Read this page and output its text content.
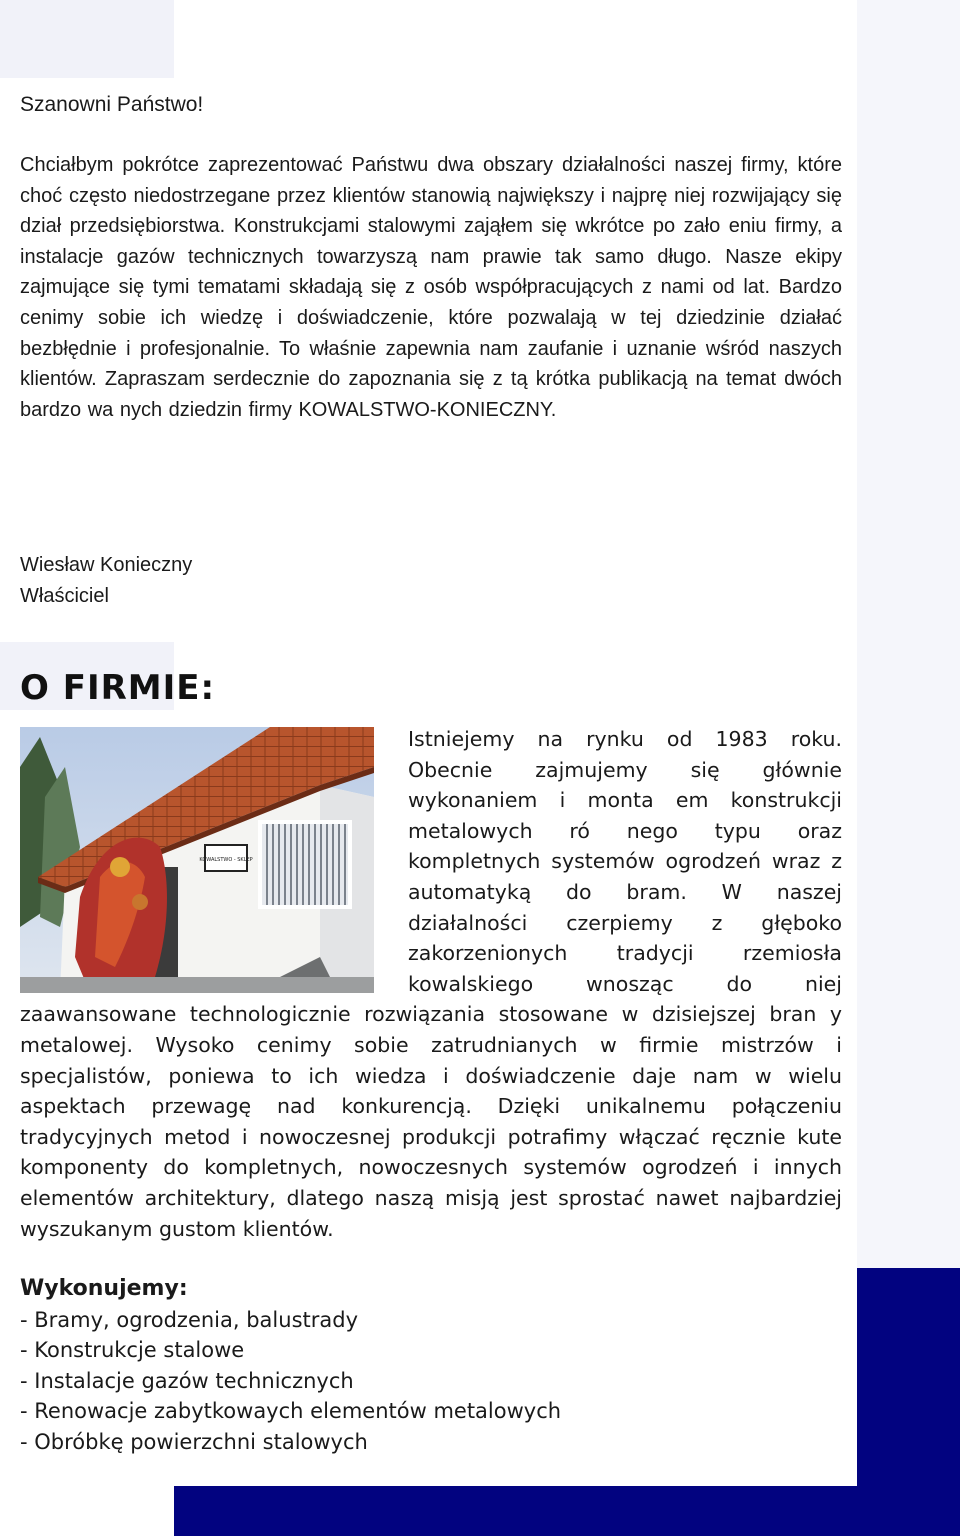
Szanowni Państwo!

Chciałbym pokrótce zaprezentować Państwu dwa obszary działalności naszej firmy, które choć często niedostrzegane przez klientów stanowią największy i najprę niej rozwijający się dział przedsiębiorstwa. Konstrukcjami stalowymi zająłem się wkrótce po zało eniu firmy, a instalacje gazów technicznych towarzyszą nam prawie tak samo długo. Nasze ekipy zajmujące się tymi tematami składają się z osób współpracujących z nami od lat. Bardzo cenimy sobie ich wiedzę i doświadczenie, które pozwalają w tej dziedzinie działać bezbłędnie i profesjonalnie. To właśnie zapewnia nam zaufanie i uznanie wśród naszych klientów. Zapraszam serdecznie do zapoznania się z tą krótka publikacją na temat dwóch bardzo wa nych dziedzin firmy KOWALSTWO-KONIECZNY.

Wiesław Konieczny
Właściciel
O FIRMIE:
KOWALSTWO - SKLEP
Istniejemy na rynku od 1983 roku. Obecnie zajmujemy się głównie wykonaniem i monta em konstrukcji metalowych ró nego typu oraz kompletnych systemów ogrodzeń wraz z automatyką do bram. W naszej działalności czerpiemy z głęboko zakorzenionych tradycji rzemiosła kowalskiego wnosząc do niej zaawansowane technologicznie rozwiązania stosowane w dzisiejszej bran y metalowej. Wysoko cenimy sobie zatrudnianych w firmie mistrzów i specjalistów, poniewa to ich wiedza i doświadczenie daje nam w wielu aspektach przewagę nad konkurencją. Dzięki unikalnemu połączeniu tradycyjnych metod i nowoczesnej produkcji potrafimy włączać ręcznie kute komponenty do kompletnych, nowoczesnych systemów ogrodzeń i innych elementów architektury, dlatego naszą misją jest sprostać nawet najbardziej wyszukanym gustom klientów.
Wykonujemy:
- Bramy, ogrodzenia, balustrady
- Konstrukcje stalowe
- Instalacje gazów technicznych
- Renowacje zabytkowaych elementów metalowych
- Obróbkę powierzchni stalowych
